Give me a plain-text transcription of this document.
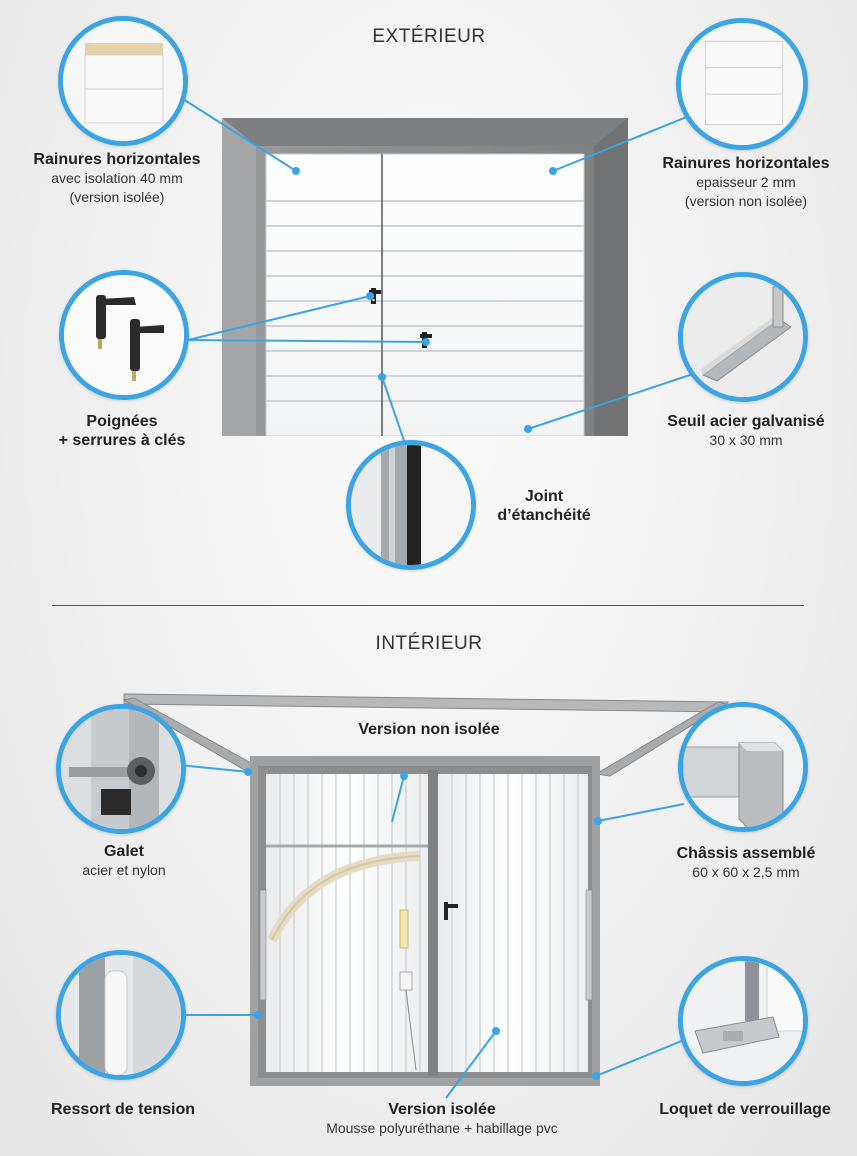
EXTÉRIEUR
INTÉRIEUR
Rainures horizontales
avec isolation 40 mm
(version isolée)
Rainures horizontales
epaisseur 2 mm
(version non isolée)
Poignées
+ serrures à clés
Seuil acier galvanisé
30 x 30 mm
Joint
d’étanchéité
Version non isolée
Galet
acier et nylon
Châssis assemblé
60 x 60 x 2,5 mm
Ressort de tension	Version isolée
Mousse polyuréthane + habillage pvc
Loquet de verrouillage
